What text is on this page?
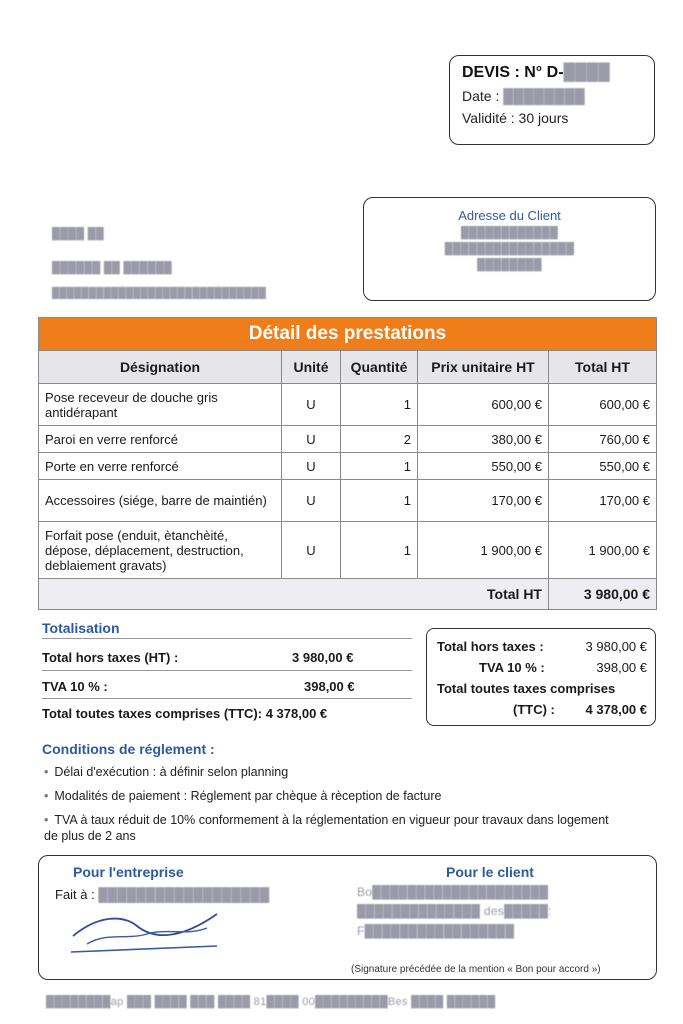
DEVIS : N° D-████
Date : ████████
Validité : 30 jours
████ ██
██████ ██ ██████
█████████████████████████████
Adresse du Client
████████████
████████████████
████████
Détail des prestations				
Désignation	Unité	Quantité	Prix unitaire HT	Total HT
Pose receveur de douche gris antidérapant	U	1	600,00 €	600,00 €
Paroi en verre renforcé	U	2	380,00 €	760,00 €
Porte en verre renforcé	U	1	550,00 €	550,00 €
Accessoires (siége, barre de maintién)	U	1	170,00 €	170,00 €
Forfait pose (enduit, ètanchèité, dépose, déplacement, destruction, deblaiement gravats)	U	1	1 900,00 €	1 900,00 €
Total HT				3 980,00 €
Totalisation
Total hors taxes (HT) :	3 980,00 €
TVA 10 % :	398,00 €
Total toutes taxes comprises (TTC): 4 378,00 €
Total hors taxes :	3 980,00 €
TVA 10 % :	398,00 €
Total toutes taxes comprises
(TTC) : 4 378,00 €
Conditions de réglement :
• Délai d'exécution : à définir selon planning
• Modalités de paiement : Réglement par chèque à rèception de facture
• TVA à taux réduit de 10% conformement à la réglementation en vigueur pour travaux dans logement de plus de 2 ans
Pour l'entreprise
Fait à : ██████████████████
Pour le client
Bo████████████████████
██████████████ des█████:
F█████████████████
(Signature précédée de la mention « Bon pour accord »)
████████ap ███ ████ ███ ████ 81████ 00█████████Bes ████ ██████
